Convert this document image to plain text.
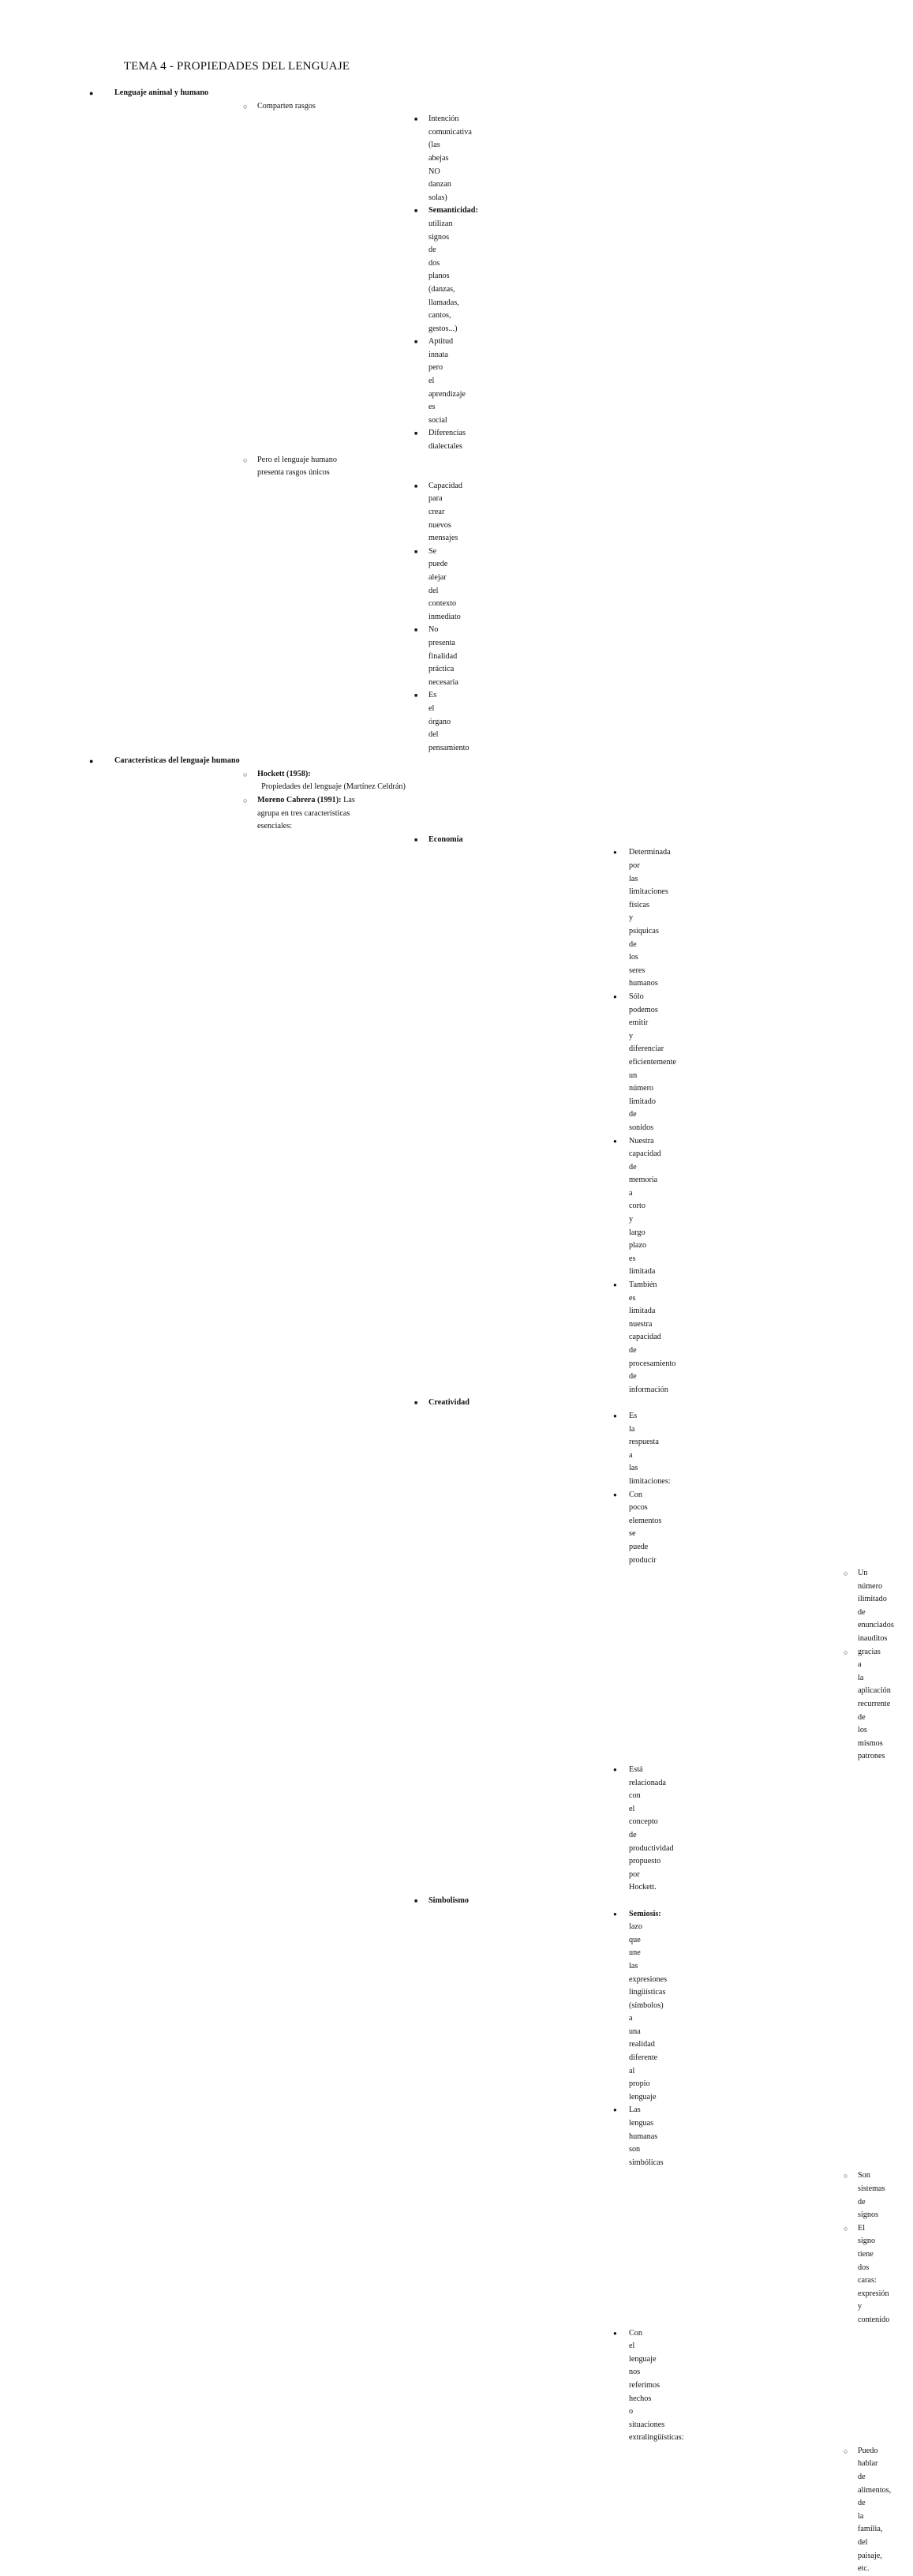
TEMA 4 - PROPIEDADES DEL LENGUAJE
●	Lenguaje animal y humano
○ Comparten rasgos
■ Intención comunicativa (las abejas NO danzan solas)
■ Semanticidad: utilizan signos de dos planos (danzas, llamadas, cantos, gestos...)
■ Aptitud innata pero el aprendizaje es social
■ Diferencias dialectales
○ Pero el lenguaje humano presenta rasgos únicos
■ Capacidad para crear nuevos mensajes
■ Se puede alejar del contexto inmediato
■ No presenta finalidad práctica necesaria
■ Es el órgano del pensamiento
●	Características del lenguaje humano
○ Hockett (1958):  Propiedades del lenguaje (Martínez Celdrán)
○ Moreno Cabrera (1991): Las agrupa en tres características esenciales:
■ Economía
● Determinada por las limitaciones físicas y psíquicas de los seres humanos
● Sólo podemos emitir y diferenciar eficientemente un número limitado de sonidos
● Nuestra capacidad de memoria a corto y largo plazo es limitada
● También es limitada nuestra capacidad de procesamiento de información
■ Creatividad
● Es la respuesta a las limitaciones:
● Con pocos elementos se puede producir
○ Un número ilimitado de enunciados inauditos
○ gracias a la aplicación recurrente de los mismos patrones
● Está relacionada con el concepto de productividad propuesto por Hockett.
■ Simbolismo
● Semiosis: lazo que une las expresiones lingüísticas (símbolos) a una realidad diferente al propio lenguaje
● Las lenguas humanas son simbólicas
○ Son sistemas de signos
○ El signo tiene dos caras: expresión y contenido
● Con el lenguaje nos referimos hechos o situaciones extralingüísticas:
○ Puedo hablar de alimentos, de la familia, del paisaje, etc.
